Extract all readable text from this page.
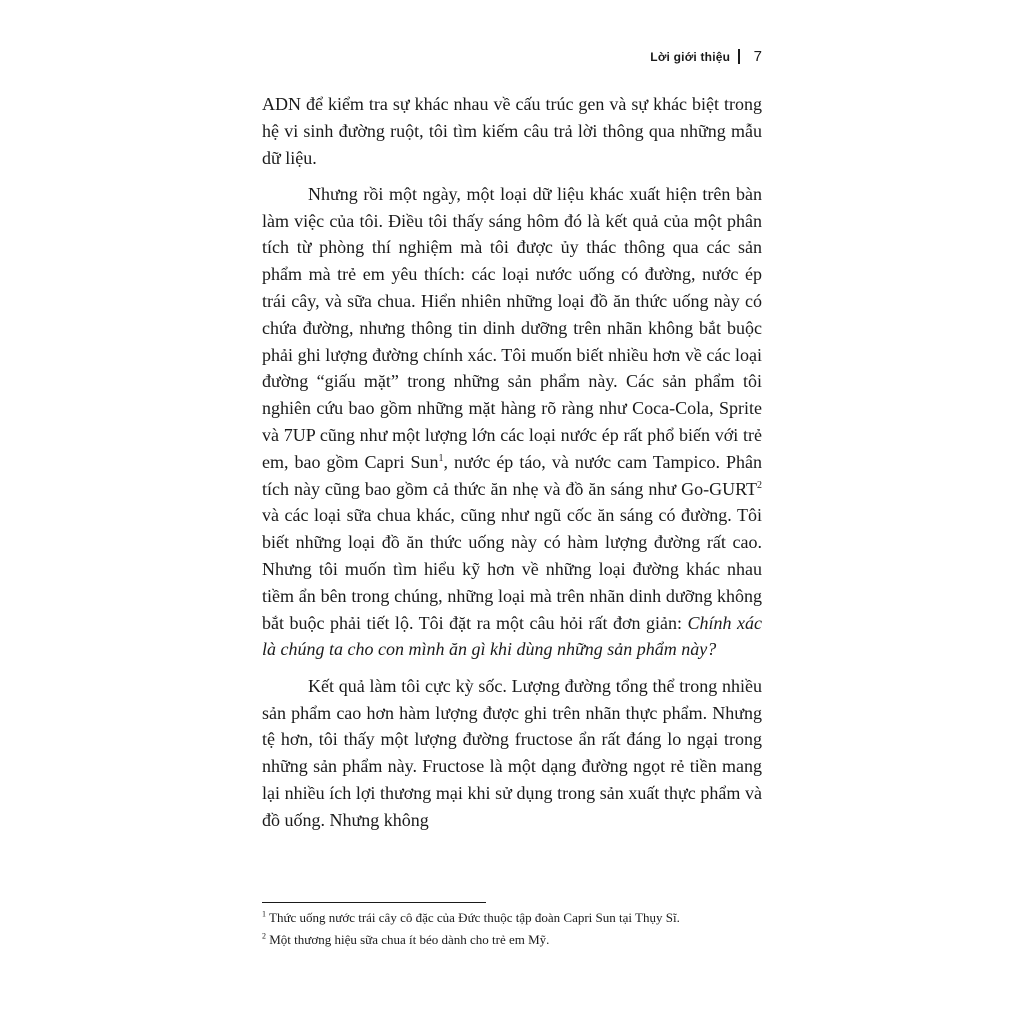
Lời giới thiệu 7

ADN để kiểm tra sự khác nhau về cấu trúc gen và sự khác biệt trong hệ vi sinh đường ruột, tôi tìm kiếm câu trả lời thông qua những mẫu dữ liệu.

Nhưng rồi một ngày, một loại dữ liệu khác xuất hiện trên bàn làm việc của tôi. Điều tôi thấy sáng hôm đó là kết quả của một phân tích từ phòng thí nghiệm mà tôi được ủy thác thông qua các sản phẩm mà trẻ em yêu thích: các loại nước uống có đường, nước ép trái cây, và sữa chua. Hiển nhiên những loại đồ ăn thức uống này có chứa đường, nhưng thông tin dinh dưỡng trên nhãn không bắt buộc phải ghi lượng đường chính xác. Tôi muốn biết nhiều hơn về các loại đường “giấu mặt” trong những sản phẩm này. Các sản phẩm tôi nghiên cứu bao gồm những mặt hàng rõ ràng như Coca-Cola, Sprite và 7UP cũng như một lượng lớn các loại nước ép rất phổ biến với trẻ em, bao gồm Capri Sun$^1$, nước ép táo, và nước cam Tampico. Phân tích này cũng bao gồm cả thức ăn nhẹ và đồ ăn sáng như Go-GURT$^2$ và các loại sữa chua khác, cũng như ngũ cốc ăn sáng có đường. Tôi biết những loại đồ ăn thức uống này có hàm lượng đường rất cao. Nhưng tôi muốn tìm hiểu kỹ hơn về những loại đường khác nhau tiềm ẩn bên trong chúng, những loại mà trên nhãn dinh dưỡng không bắt buộc phải tiết lộ. Tôi đặt ra một câu hỏi rất đơn giản: Chính xác là chúng ta cho con mình ăn gì khi dùng những sản phẩm này?

Kết quả làm tôi cực kỳ sốc. Lượng đường tổng thể trong nhiều sản phẩm cao hơn hàm lượng được ghi trên nhãn thực phẩm. Nhưng tệ hơn, tôi thấy một lượng đường fructose ẩn rất đáng lo ngại trong những sản phẩm này. Fructose là một dạng đường ngọt rẻ tiền mang lại nhiều ích lợi thương mại khi sử dụng trong sản xuất thực phẩm và đồ uống. Nhưng không

$^1$ Thức uống nước trái cây cô đặc của Đức thuộc tập đoàn Capri Sun tại Thụy Sĩ.
$^2$ Một thương hiệu sữa chua ít béo dành cho trẻ em Mỹ.
